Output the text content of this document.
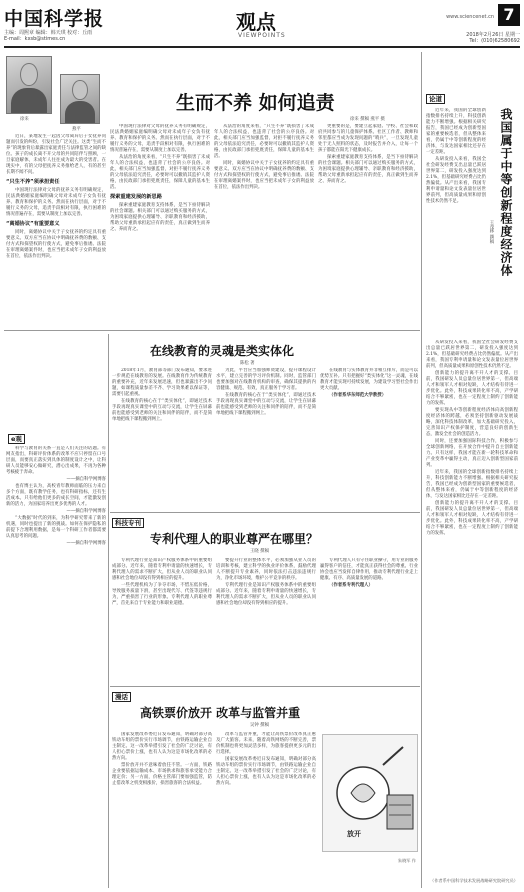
中国科学报
主编：周熙章 编辑：韩天琪 校对：丘雨
E-mail：kxsb@stimes.cn
观点
VIEWPOINTS
www.sciencenet.cn 7
2018年2月26日 星期一
Tel：(010)62580692
徐来
燕平
生而不养 如何追责
徐来 撰稿 燕平 摄

近日，某地发生一起因父母离异后子女抚养问题而引发的纠纷，引发社会广泛关注。这类“生而不养”的现象背后暴露出家庭责任与法律监管之间的缺位。孩子的成长离不开父母的共同陪伴与照顾，一旦家庭解体，未成年人往往成为最大的受害者。在现实中，有的父母把抚养义务推给老人，有的甚至长期不闻不问。

“只生不养”须承担责任

中国现行法律对父母的抚养义务有明确规定，民法典婚姻家庭编明确父母对未成年子女负有抚养、教育和保护的义务。然而在执行层面，对于不履行义务的父母，追责手段相对有限，执行困难的情况普遍存在，需要从制度上加以完善。

“离婚协议”有重要意义

同时，离婚协议中关于子女抚养的约定具有重要意义。双方应当在协议中明确抚养费的数额、支付方式和探望权的行使方式，避免事后推诿。法院在审理离婚案件时，也应当把未成年子女的利益放在首位，依法作出判决。

中国现行法律对父母的抚养义务有明确规定，民法典婚姻家庭编明确父母对未成年子女负有抚养、教育和保护的义务。然而在执行层面，对于不履行义务的父母，追责手段相对有限，执行困难的情况普遍存在，需要从制度上加以完善。

从法治的角度来看，“只生不养”既损害了未成年人的合法权益，也违背了社会的公序良俗。对此，相关部门应当加强监督，对拒不履行抚养义务的父母依法追究责任，必要时可以撤销其监护人资格，由民政部门承担兜底责任，保障儿童的基本生活。

探索重建发展的新思路

探索重建家庭教育支持体系，是当下亟待解决的社会课题。相关部门可以通过购买服务的方式，为困境家庭提供心理辅导、亲职教育和经济援助，帮助父母重新承担起应有的责任，真正做到生而养之、养而育之。

从法治的角度来看，“只生不养”既损害了未成年人的合法权益，也违背了社会的公序良俗。对此，相关部门应当加强监督，对拒不履行抚养义务的父母依法追究责任，必要时可以撤销其监护人资格，由民政部门承担兜底责任，保障儿童的基本生活。

同时，离婚协议中关于子女抚养的约定具有重要意义。双方应当在协议中明确抚养费的数额、支付方式和探望权的行使方式，避免事后推诿。法院在审理离婚案件时，也应当把未成年子女的利益放在首位，依法作出判决。

更重要的是，要建立起家庭、学校、社会和政府共同参与的儿童保护体系。社区工作者、教师和邻里都应当成为发现问题的“哨兵”，一旦发现儿童处于无人照料的状态，及时报告并介入，让每一个孩子都能在阳光下健康成长。

探索重建家庭教育支持体系，是当下亟待解决的社会课题。相关部门可以通过购买服务的方式，为困境家庭提供心理辅导、亲职教育和经济援助，帮助父母重新承担起应有的责任，真正做到生而养之、养而育之。

e观

科学与教育的关系一直是人们关注的话题。有网友指出，科研评价体系的改革不应只停留在口号层面，而要真正落实到具体的制度设计之中，让科研人员能够安心做研究，潜心出成果，不再为各种考核疲于奔命。

——摘自科学网博客

也有博主认为，高校青年教师面临的压力来自多个方面，既有教学任务，也有科研指标，还有生活成本。只有给他们更多的成长空间，才能激发创新的活力，为国家培养出更多优秀的人才。

——摘自科学网博客

“大数据”时代的到来，为科学研究带来了新的机遇，同时也提出了新的挑战。如何在保护隐私的前提下合理利用数据，是每一个科研工作者都需要认真思考的问题。

——摘自科学网博客

在线教育的灵魂是类实体化
陈松 著

2018年1月，教育部等部门发布通知，要求进一步规范在线教育的发展。在线教育作为传统教育的重要补充，近年来发展迅速，但也暴露出不少问题，如课程质量参差不齐、学习效果难以保证等，需要引起重视。

在线教育的核心在于“类实体化”，即通过技术手段再现真实课堂中的互动与交流，让学生在屏幕前也能感受到老师的关注和同伴的陪伴，而不是简单地把线下课程搬到网上。

为此，平台应当加强师资建设，提升课程设计水平，建立完善的学习评价机制。同时，监管部门也要加强对在线教育机构的审查，确保其提供的内容健康、规范、有效，真正服务于学习者。

在线教育的核心在于“类实体化”，即通过技术手段再现真实课堂中的互动与交流，让学生在屏幕前也能感受到老师的关注和同伴的陪伴，而不是简单地把线下课程搬到网上。

在线教育与实体教育并非相互排斥，而是可以优势互补。只有把握好“类实体化”这一灵魂，在线教育才能实现可持续发展，为建设学习型社会作出更大贡献。

（作者系华东师范大学教授）

科技专刊
专利代理人的职业尊严在哪里？
王晓 撰稿

专利代理行业是知识产权服务体系中的重要组成部分。近年来，随着专利申请量的快速增长，专利代理人的需求不断扩大，但从业人员的职业认同感和社会地位却没有得到相应的提升。

一些代理机构为了争夺市场，不惜压低价格，导致服务质量下滑，甚至出现代写、代签等违规行为，严重损害了行业的形象。专利代理人的职业尊严，首先来自于专业能力和职业道德。

要提升行业的整体水平，必须加强从业人员的培训和考核，建立科学的执业评价体系，鼓励代理人不断提升专业素养，同时依法打击违法违规行为，净化市场环境，维护公平竞争的秩序。

专利代理行业是知识产权服务体系中的重要组成部分。近年来，随着专利申请量的快速增长，专利代理人的需求不断扩大，但从业人员的职业认同感和社会地位却没有得到相应的提升。

专利代理人只有守住职业操守，用专业的服务赢得客户的信任，才能真正获得社会的尊重。行业协会也应当发挥自律作用，推动专利代理行业走上健康、有序、高质量发展的道路。

（作者系专利代理人）

漫话
高铁票价放开 改革与监管并重
吴钟 撰稿

国家发展改革委近日发布通知，明确对部分高铁动车组的票价实行市场调节，由铁路运输企业自主制定。这一改革举措引发了社会的广泛讨论，有人担心票价上涨，也有人认为这是市场化改革的必然方向。

票价放开并不意味着放任不管。一方面，铁路企业要依据运输成本、市场供求和旅客承受能力合理定价；另一方面，价格主管部门要加强监管，防止借改革之机变相涨价，损害旅客的合法权益。

改革与监管并重，才能让高铁票价改革真正惠及广大旅客。未来，随着高铁网络的不断完善，票价机制也将更加灵活多样，为旅客提供更多元的出行选择。

国家发展改革委近日发布通知，明确对部分高铁动车组的票价实行市场调节，由铁路运输企业自主制定。这一改革举措引发了社会的广泛讨论，有人担心票价上涨，也有人认为这是市场化改革的必然方向。

放开
朱晓军 作
论道
我国属于中等创新程度经济体
王茂林 撰稿

近年来，我国的全球创新指数排名持续上升，科技创新能力不断增强。根据相关研究报告，我国已经成为创新型国家的重要候选者，但从整体来看，仍属于中等创新程度的经济体，与发达国家相比还存在一定差距。

从研发投入来看，我国全社会研发经费支出总量已跃居世界第二，研发投入强度达到2.1%，但基础研究经费占比仍然偏低。从产出来看，我国专利申请量和论文发表量位居世界前列，但高质量成果和原创性技术仍然不足。

从研发投入来看，我国全社会研发经费支出总量已跃居世界第二，研发投入强度达到2.1%，但基础研究经费占比仍然偏低。从产出来看，我国专利申请量和论文发表量位居世界前列，但高质量成果和原创性技术仍然不足。

创新能力的提升离不开人才的支撑。目前，我国研发人员总量位居世界第一，但高端人才和领军人才相对短缺，人才结构有待进一步优化。此外，科技成果转化率不高，产学研结合不够紧密，也在一定程度上制约了创新能力的发挥。

要实现从中等创新程度经济体向高创新程度经济体的跨越，必须坚持创新驱动发展战略，深化科技体制改革，加大基础研究投入，完善知识产权保护制度，营造良好的创新生态，激发全社会的创造活力。

同时，还要加强国际科技合作，积极参与全球创新网络，在开放合作中提升自主创新能力。只有这样，我国才能在新一轮科技革命和产业变革中赢得主动，真正迈入创新型国家前列。

近年来，我国的全球创新指数排名持续上升，科技创新能力不断增强。根据相关研究报告，我国已经成为创新型国家的重要候选者，但从整体来看，仍属于中等创新程度的经济体，与发达国家相比还存在一定差距。

创新能力的提升离不开人才的支撑。目前，我国研发人员总量位居世界第一，但高端人才和领军人才相对短缺，人才结构有待进一步优化。此外，科技成果转化率不高，产学研结合不够紧密，也在一定程度上制约了创新能力的发挥。

（作者系中国科学技术发展战略研究院研究员）
